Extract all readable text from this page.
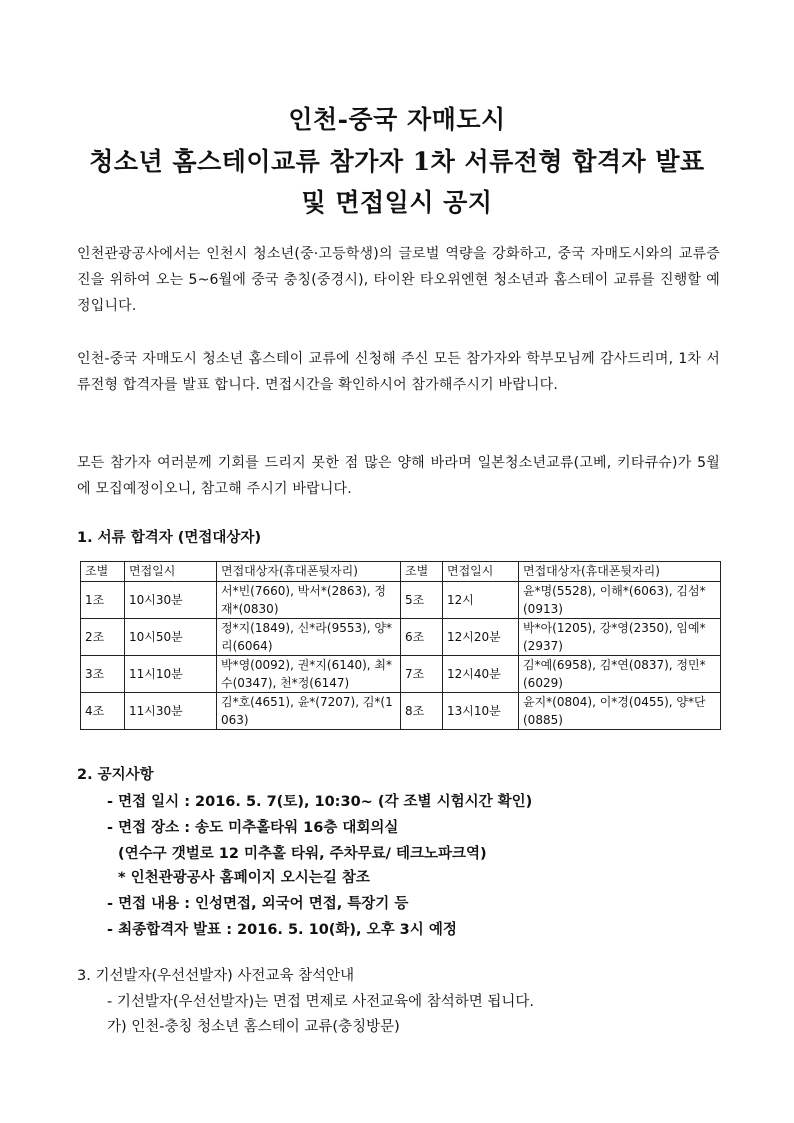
인천-중국 자매도시
청소년 홈스테이교류 참가자 1차 서류전형 합격자 발표
및 면접일시 공지
인천관광공사에서는 인천시 청소년(중·고등학생)의 글로벌 역량을 강화하고, 중국 자매도시와의 교류증진을 위하여 오는 5~6월에 중국 충칭(중경시), 타이완 타오위엔현 청소년과 홈스테이 교류를 진행할 예정입니다.
인천-중국 자매도시 청소년 홈스테이 교류에 신청해 주신 모든 참가자와 학부모님께 감사드리며, 1차 서류전형 합격자를 발표 합니다. 면접시간을 확인하시어 참가해주시기 바랍니다.
모든 참가자 여러분께 기회를 드리지 못한 점 많은 양해 바라며 일본청소년교류(고베, 키타큐슈)가 5월에 모집예정이오니, 참고해 주시기 바랍니다.
1. 서류 합격자 (면접대상자)
조별	면접일시	면접대상자(휴대폰뒷자리)	조별	면접일시	면접대상자(휴대폰뒷자리)
1조	10시30분	서*빈(7660), 박서*(2863), 정재*(0830)	5조	12시	윤*명(5528), 이해*(6063), 김섬*(0913)
2조	10시50분	정*지(1849), 신*라(9553), 양*리(6064)	6조	12시20분	박*아(1205), 강*영(2350), 임예*(2937)
3조	11시10분	박*영(0092), 권*지(6140), 최*수(0347), 천*정(6147)	7조	12시40분	김*예(6958), 김*연(0837), 정민*(6029)
4조	11시30분	김*호(4651), 윤*(7207), 김*(1063)	8조	13시10분	윤지*(0804), 이*경(0455), 양*단(0885)
2. 공지사항
- 면접 일시 : 2016. 5. 7(토), 10:30~ (각 조별 시험시간 확인)
- 면접 장소 : 송도 미추홀타워 16층 대회의실
(연수구 갯벌로 12 미추홀 타워, 주차무료/ 테크노파크역)
* 인천관광공사 홈페이지 오시는길 참조
- 면접 내용 : 인성면접, 외국어 면접, 특장기 등
- 최종합격자 발표 : 2016. 5. 10(화), 오후 3시 예정
3. 기선발자(우선선발자) 사전교육 참석안내
- 기선발자(우선선발자)는 면접 면제로 사전교육에 참석하면 됩니다.
가) 인천-충칭 청소년 홈스테이 교류(충칭방문)
